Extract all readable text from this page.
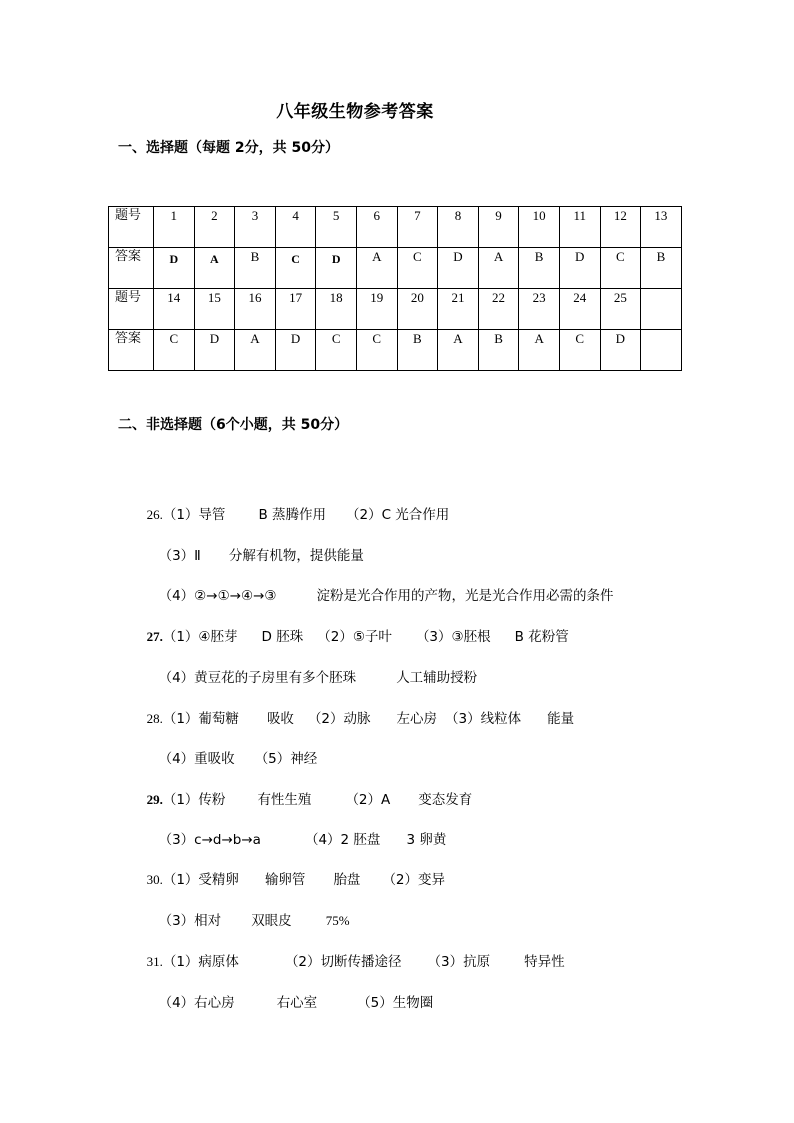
八年级生物参考答案
一、选择题（每题 2分，共 50分）
题号	1	2	3	4	5	6	7	8	9	10	11	12	13

答案	D	A	B	C	D	A	C	D	A	B	D	C	B

题号	14	15	16	17	18	19	20	21	22	23	24	25	

答案	C	D	A	D	C	C	B	A	B	A	C	D	

二、非选择题（6个小题，共 50分）

26.（1）导管 B 蒸腾作用 （2）C 光合作用

（3）Ⅱ 分解有机物，提供能量

（4）②→①→④→③	淀粉是光合作用的产物，光是光合作用必需的条件

27.（1）④胚芽 D 胚珠 （2）⑤子叶 （3）③胚根 B 花粉管

（4）黄豆花的子房里有多个胚珠	人工辅助授粉

28.（1）葡萄糖 吸收 （2）动脉 左心房 （3）线粒体 能量

（4）重吸收 （5）神经

29.（1）传粉 有性生殖	（2）A 变态发育

（3）c→d→b→a	（4）2 胚盘 3 卵黄

30.（1）受精卵 输卵管 胎盘 （2）变异

（3）相对 双眼皮	75%

31.（1）病原体	（2）切断传播途径 （3）抗原	特异性

（4）右心房	右心室	（5）生物圈
